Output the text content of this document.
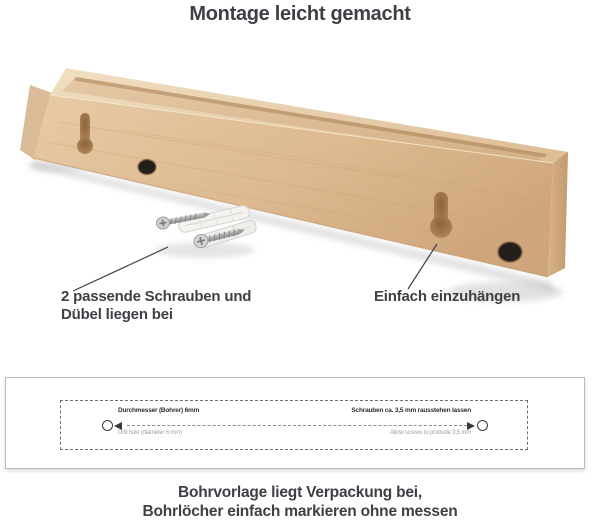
Montage leicht gemacht
2 passende Schrauben und
Dübel liegen bei
Einfach einzuhängen
Durchmesser (Bohrer) 6mm
Drill hole (diameter 6 mm)
Schrauben ca. 3,5 mm rausstehen lassen
Allow screws to protrude 3,5 mm
Bohrvorlage liegt Verpackung bei,
Bohrlöcher einfach markieren ohne messen
